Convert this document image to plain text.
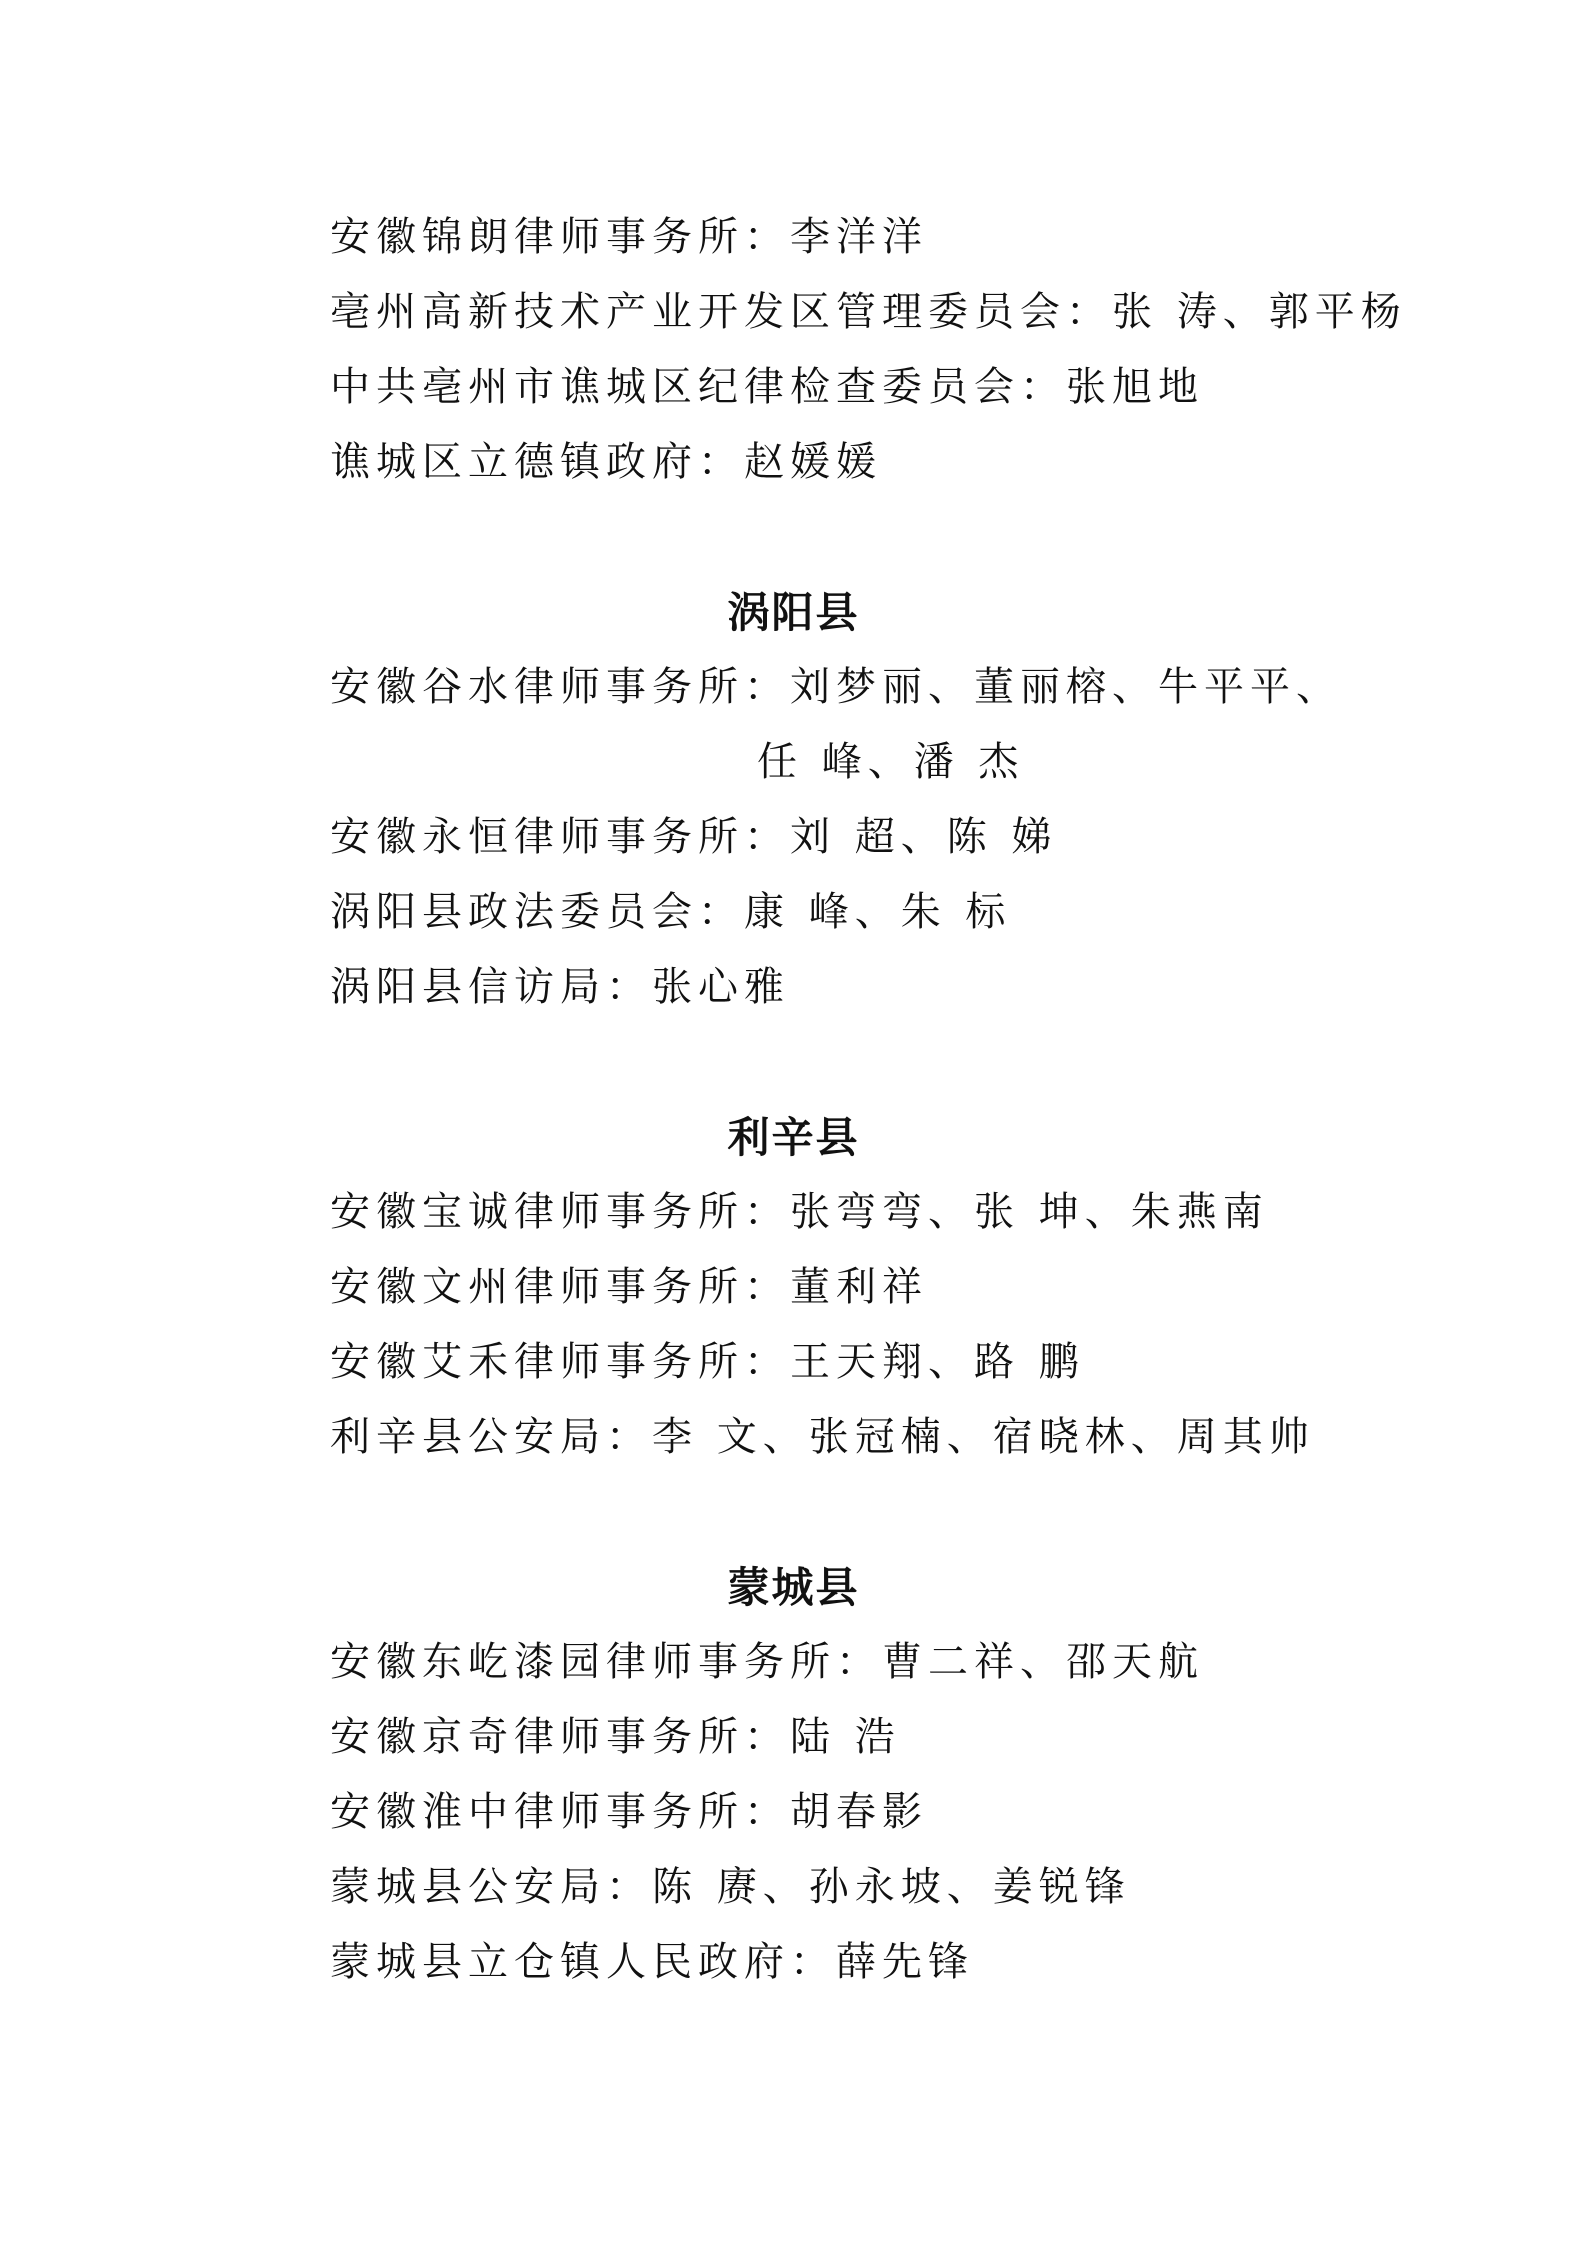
安徽锦朗律师事务所：李洋洋
亳州高新技术产业开发区管理委员会：张 涛、郭平杨
中共亳州市谯城区纪律检查委员会：张旭地
谯城区立德镇政府：赵媛媛
涡阳县
安徽谷水律师事务所：刘梦丽、董丽榕、牛平平、
任 峰、潘 杰
安徽永恒律师事务所：刘 超、陈 娣
涡阳县政法委员会：康 峰、朱 标
涡阳县信访局：张心雅
利辛县
安徽宝诚律师事务所：张弯弯、张 坤、朱燕南
安徽文州律师事务所：董利祥
安徽艾禾律师事务所：王天翔、路 鹏
利辛县公安局：李 文、张冠楠、宿晓林、周其帅
蒙城县
安徽东屹漆园律师事务所：曹二祥、邵天航
安徽京奇律师事务所：陆 浩
安徽淮中律师事务所：胡春影
蒙城县公安局：陈 赓、孙永坡、姜锐锋
蒙城县立仓镇人民政府：薛先锋
